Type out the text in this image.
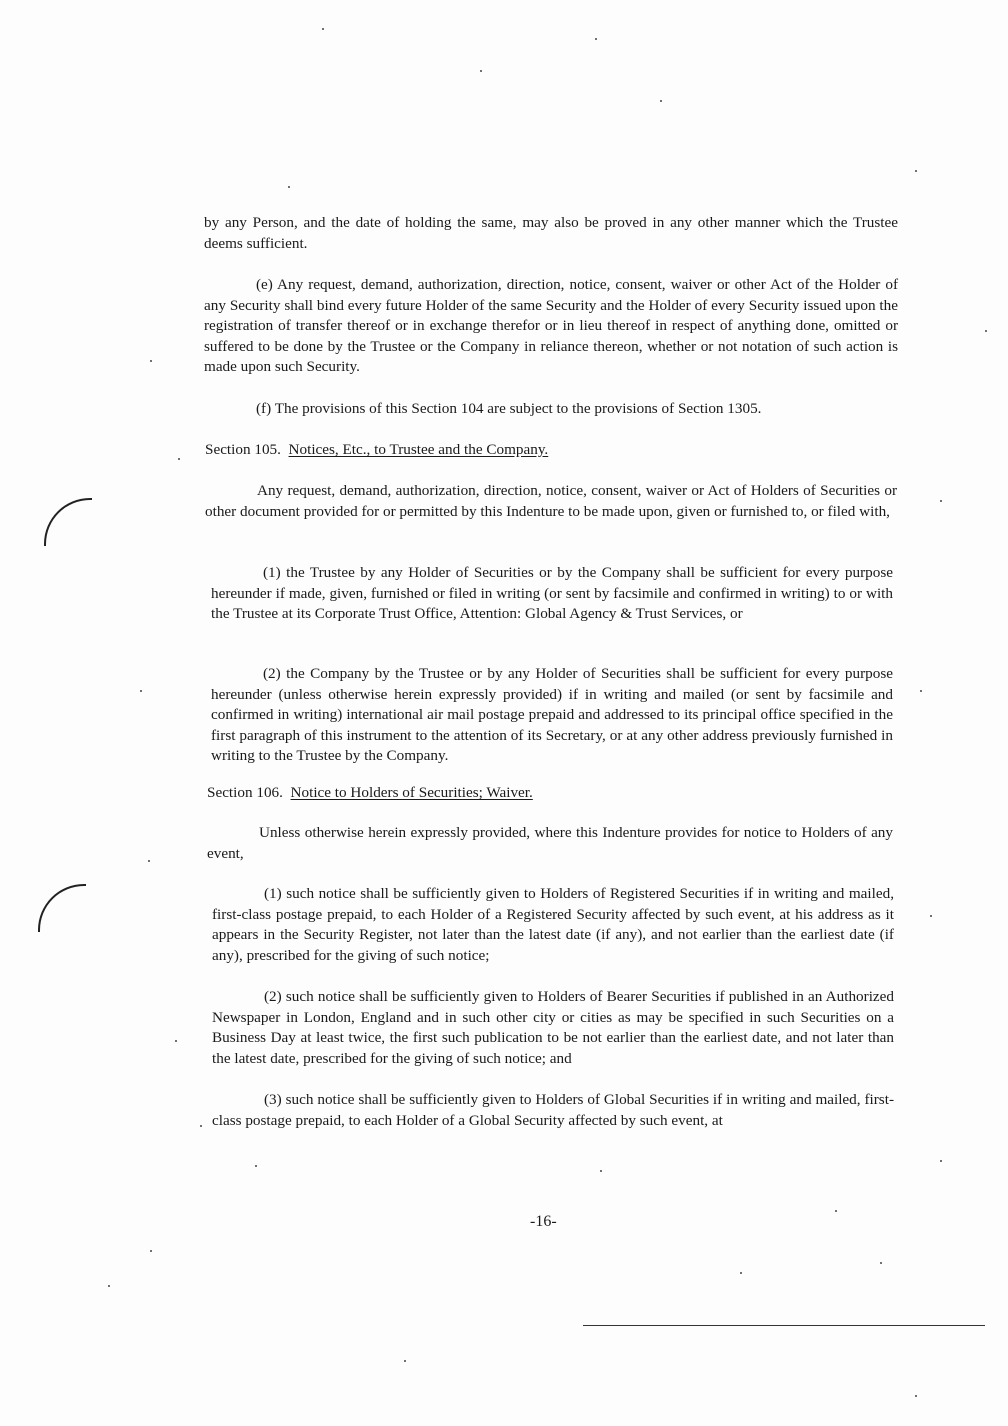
by any Person, and the date of holding the same, may also be proved in any other manner which the Trustee deems sufficient.

(e) Any request, demand, authorization, direction, notice, consent, waiver or other Act of the Holder of any Security shall bind every future Holder of the same Security and the Holder of every Security issued upon the registration of transfer thereof or in exchange therefor or in lieu thereof in respect of anything done, omitted or suffered to be done by the Trustee or the Company in reliance thereon, whether or not notation of such action is made upon such Security.

(f) The provisions of this Section 104 are subject to the provisions of Section 1305.

Section 105. Notices, Etc., to Trustee and the Company.

Any request, demand, authorization, direction, notice, consent, waiver or Act of Holders of Securities or other document provided for or permitted by this Indenture to be made upon, given or furnished to, or filed with,

(1) the Trustee by any Holder of Securities or by the Company shall be sufficient for every purpose hereunder if made, given, furnished or filed in writing (or sent by facsimile and confirmed in writing) to or with the Trustee at its Corporate Trust Office, Attention: Global Agency & Trust Services, or

(2) the Company by the Trustee or by any Holder of Securities shall be sufficient for every purpose hereunder (unless otherwise herein expressly provided) if in writing and mailed (or sent by facsimile and confirmed in writing) international air mail postage prepaid and addressed to its principal office specified in the first paragraph of this instrument to the attention of its Secretary, or at any other address previously furnished in writing to the Trustee by the Company.

Section 106. Notice to Holders of Securities; Waiver.

Unless otherwise herein expressly provided, where this Indenture provides for notice to Holders of any event,

(1) such notice shall be sufficiently given to Holders of Registered Securities if in writing and mailed, first-class postage prepaid, to each Holder of a Registered Security affected by such event, at his address as it appears in the Security Register, not later than the latest date (if any), and not earlier than the earliest date (if any), prescribed for the giving of such notice;

(2) such notice shall be sufficiently given to Holders of Bearer Securities if published in an Authorized Newspaper in London, England and in such other city or cities as may be specified in such Securities on a Business Day at least twice, the first such publication to be not earlier than the earliest date, and not later than the latest date, prescribed for the giving of such notice; and

(3) such notice shall be sufficiently given to Holders of Global Securities if in writing and mailed, first-class postage prepaid, to each Holder of a Global Security affected by such event, at

-16-
